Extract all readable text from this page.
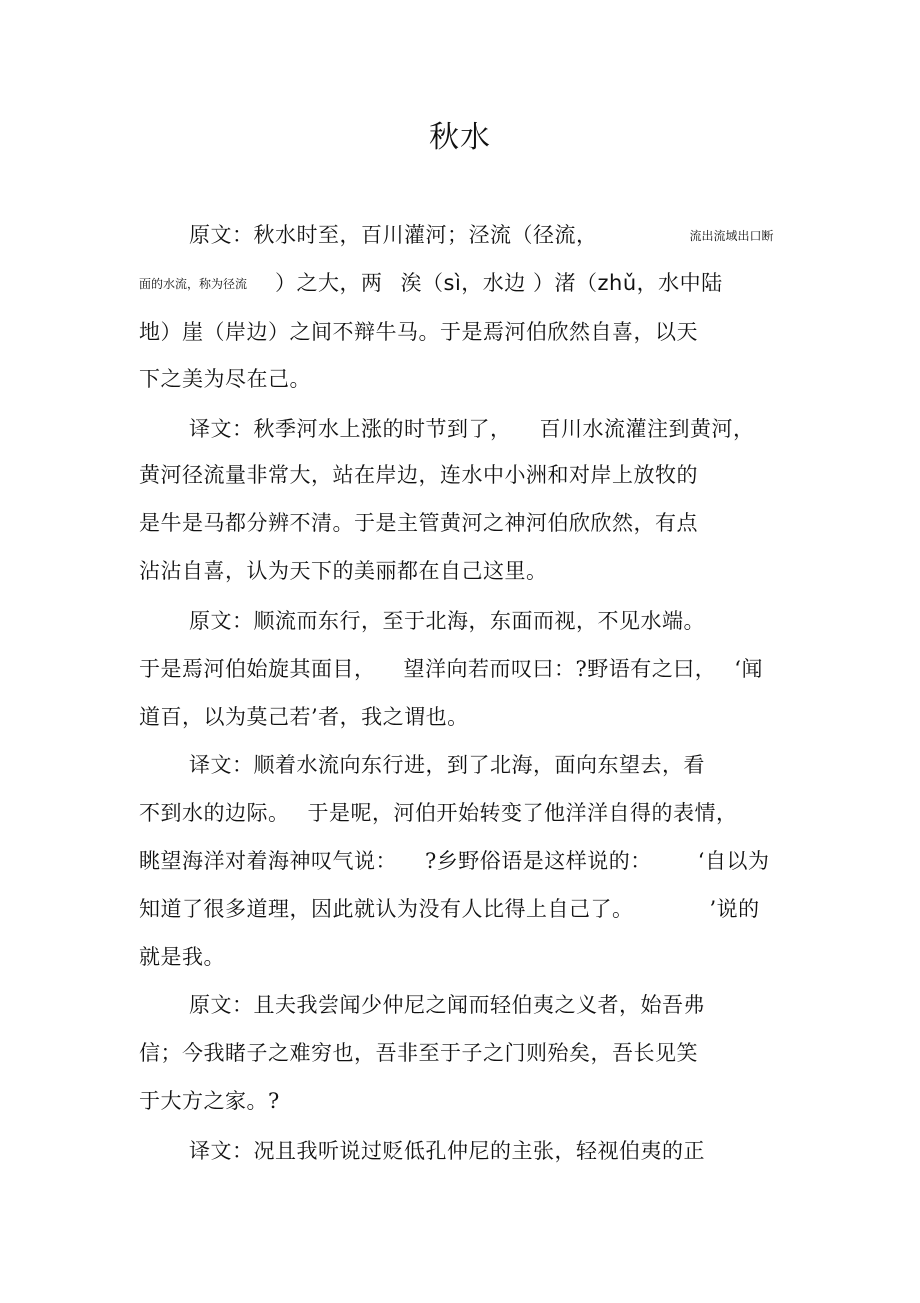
秋水
原文：秋水时至，百川灌河；泾流（径流，	流出流域出口断
面的水流，称为径流 ）之大，两 涘（sì，水边 ）渚（zhǔ，水中陆
地）崖（岸边）之间不辩牛马。于是焉河伯欣然自喜，以天
下之美为尽在己。
译文：秋季河水上涨的时节到了， 百川水流灌注到黄河，
黄河径流量非常大，站在岸边，连水中小洲和对岸上放牧的
是牛是马都分辨不清。于是主管黄河之神河伯欣欣然，有点
沾沾自喜，认为天下的美丽都在自己这里。
原文：顺流而东行，至于北海，东面而视，不见水端。
于是焉河伯始旋其面目， 望洋向若而叹曰：?野语有之曰， ‘闻
道百，以为莫己若’者，我之谓也。
译文：顺着水流向东行进，到了北海，面向东望去，看
不到水的边际。 于是呢，河伯开始转变了他洋洋自得的表情，
眺望海洋对着海神叹气说： ?乡野俗语是这样说的： ‘自以为
知道了很多道理，因此就认为没有人比得上自己了。	’说的
就是我。
原文：且夫我尝闻少仲尼之闻而轻伯夷之义者，始吾弗
信；今我睹子之难穷也，吾非至于子之门则殆矣，吾长见笑
于大方之家。?
译文：况且我听说过贬低孔仲尼的主张，轻视伯夷的正
